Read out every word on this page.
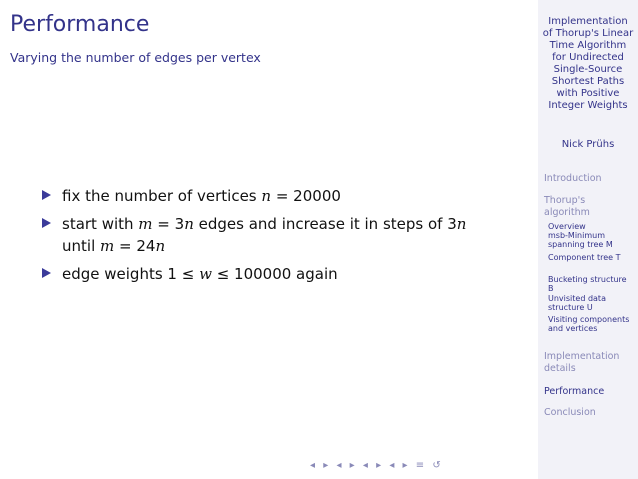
Performance
Varying the number of edges per vertex
fix the number of vertices n = 20000
start with m = 3n edges and increase it in steps of 3n
until m = 24n
edge weights 1 ≤ w ≤ 100000 again
◂ ▸ ◂ ▸ ◂ ▸ ◂ ▸ ≡ ↺
Implementation of Thorup's Linear Time Algorithm for Undirected Single-Source Shortest Paths with Positive Integer Weights
Nick Prühs
Introduction
Thorup's algorithm
Overview
msb-Minimum spanning tree M
Component tree T
Bucketing structure B
Unvisited data structure U
Visiting components and vertices
Implementation details
Performance
Conclusion
